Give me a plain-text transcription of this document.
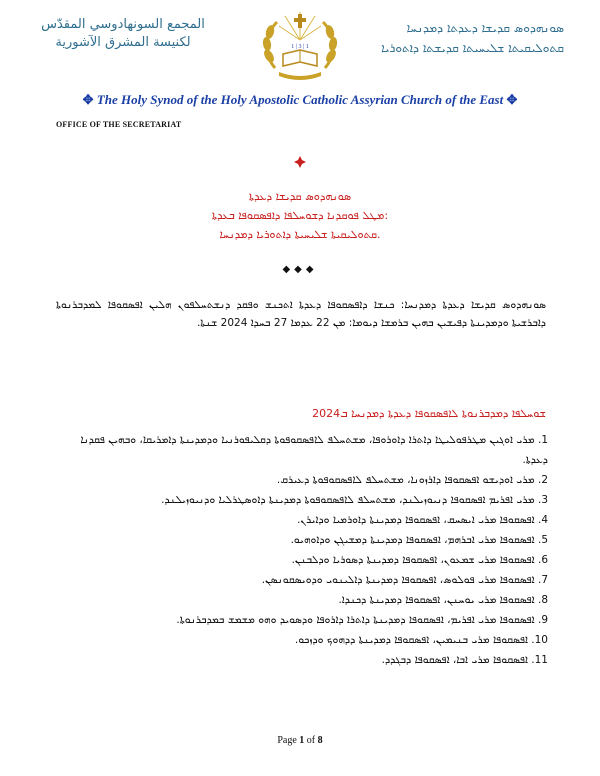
المجمع السونهادوسي المقدّس
لكنيسة المشرق الآشورية	1 | 3 | 1
ܣܘܢܗܕܘܣ ܩܕܝܫܐ ܕܥܕܬܐ ܕܡܕܢܚܐ
ܩܬܘܠܝܩܝܬܐ ܫܠܝܚܝܬܐ ܩܕܝܫܬܐ ܕܐܬܘܪܝܐ
✥ The Holy Synod of the Holy Apostolic Catholic Assyrian Church of the East ✥
OFFICE OF THE SECRETARIAT
ܣܘܢܗܕܘܣ ܩܕܝܫܐ ܕܥܕܬܐ
ܡܛܠ ܦܘܩܕܢܐ ܕܫܘܚܠܦܐ ܕܐܦܣܩܘܦܐ ܒܥܕܬܐ:
ܩܬܘܠܝܩܝܬܐ ܫܠܝܚܝܬܐ ܕܐܬܘܪܝܐ ܕܡܕܢܚܐ.
◆◆◆
ܣܘܢܗܕܘܣ ܩܕܝܫܐ ܕܥܕܬܐ ܕܡܕܢܚܐ: ܟܢܫܐ ܕܐܦܣܩܘܦܐ ܕܥܕܬܐ ܐܬܟܢܫ ܘܦܩܕ ܕܢܫܬܚܠܦܘܢ ܗܠܝܢ ܐܦܣܩܘܦܐ ܠܡܕܒܪܢܘܬܐ ܕܐܒܪܫܝܬܐ ܘܕܡܕܝܢܬܐ ܕܦܝܫܝܢ ܒܗܝܢ ܒܪܡܫܐ ܕܝܘܡܐ: ܡܢ 22 ܥܕܡܐ 27 ܒܚܕܐ 2024 ܫܢܬܐ.
ܫܘܚܠܦܐ ܕܡܕܒܪܢܘܬܐ ܠܐܦܣܩܘܦܐ ܕܥܕܬܐ ܕܡܕܢܚܐ ܒ2024
1. ܡܪܝ ܐܘܓܝܢ ܡܛܪܦܘܠܝܛܐ ܕܐܬܪܐ ܕܐܘܪܘܦܐ، ܡܫܬܚܠܦ ܠܐܦܣܩܘܦܘܬܐ ܕܩܠܝܦܘܪܢܝܐ ܘܕܡܕܝܢܬܐ ܕܐܡܪܝܩܐ، ܘܒܗܝܢ ܦܩܕܢܐ ܕܥܕܬܐ.
2. ܡܪܝ ܐܘܕܝܫܘ ܐܦܣܩܘܦܐ ܕܐܪܙܘܢܐ، ܡܫܬܚܠܦ ܠܐܦܣܩܘܦܘܬܐ ܕܥܝܪܩ.
3. ܡܪܝ ܐܦܪܝܡ ܐܦܣܩܘܦܐ ܕܢܝܘܙܝܠܢܕ، ܡܫܬܚܠܦ ܠܐܦܣܩܘܦܘܬܐ ܕܡܕܝܢܬܐ ܕܐܘܣܛܪܠܝܐ ܘܕܢܝܘܙܝܠܢܕ.
4. ܐܦܣܩܘܦܐ ܡܪܝ ܐܝܣܚܩ، ܐܦܣܩܘܦܐ ܕܡܕܝܢܬܐ ܕܐܘܪܡܝܐ ܘܕܐܝܪܢ.
5. ܐܦܣܩܘܦܐ ܡܪܝ ܐܒܪܗܡ، ܐܦܣܩܘܦܐ ܕܡܕܝܢܬܐ ܕܡܫܝܓܢ ܘܕܐܘܗܝܘ.
6. ܐܦܣܩܘܦܐ ܡܪܝ ܫܡܥܘܢ، ܐܦܣܩܘܦܐ ܕܡܕܝܢܬܐ ܕܣܘܪܝܐ ܘܕܠܒܢܢ.
7. ܐܦܣܩܘܦܐ ܡܪܝ ܦܘܠܘܣ، ܐܦܣܩܘܦܐ ܕܡܕܝܢܬܐ ܕܐܠܝܢܘܝ ܘܕܘܝܣܩܘܢܣܢ.
8. ܐܦܣܩܘܦܐ ܡܪܝ ܝܘܚܢܢ، ܐܦܣܩܘܦܐ ܕܡܕܝܢܬܐ ܕܟܢܕܐ.
9. ܐܦܣܩܘܦܐ ܡܪܝ ܐܦܪܝܡ، ܐܦܣܩܘܦܐ ܕܡܕܝܢܬܐ ܕܐܬܪܐ ܕܐܪܘܦܐ ܘܕܣܘܝܕ ܘܗܘ ܡܫܡܫ ܒܡܕܒܪܢܘܬܐ.
10. ܐܦܣܩܘܦܐ ܡܪܝ ܒܢܝܡܝܢ، ܐܦܣܩܘܦܐ ܕܡܕܝܢܬܐ ܕܕܗܘܟ ܘܕܙܟܘ.
11. ܐܦܣܩܘܦܐ ܡܪܝ ܐܒܐ، ܐܦܣܩܘܦܐ ܕܒܓܕܕ.
Page 1 of 8
